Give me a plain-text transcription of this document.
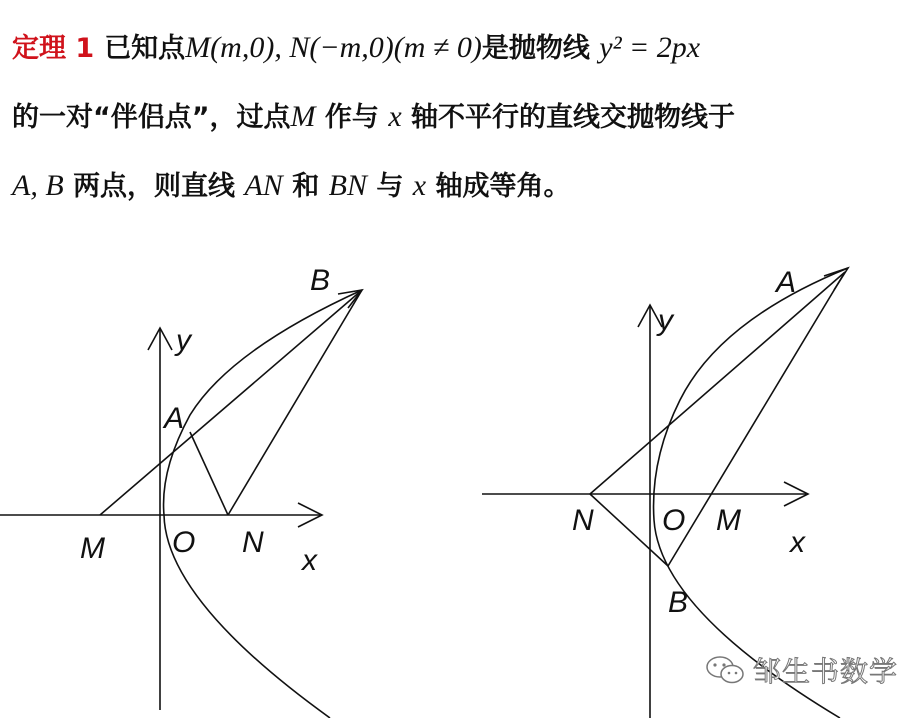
定理 1 已知点M(m,0), N(−m,0)(m ≠ 0)是抛物线 y² = 2px
的一对“伴侣点”，过点M 作与 x 轴不平行的直线交抛物线于
A, B 两点，则直线 AN 和 BN 与 x 轴成等角。
B
y
A
M O N
x
A
y
N O M
x
B
邹生书数学
